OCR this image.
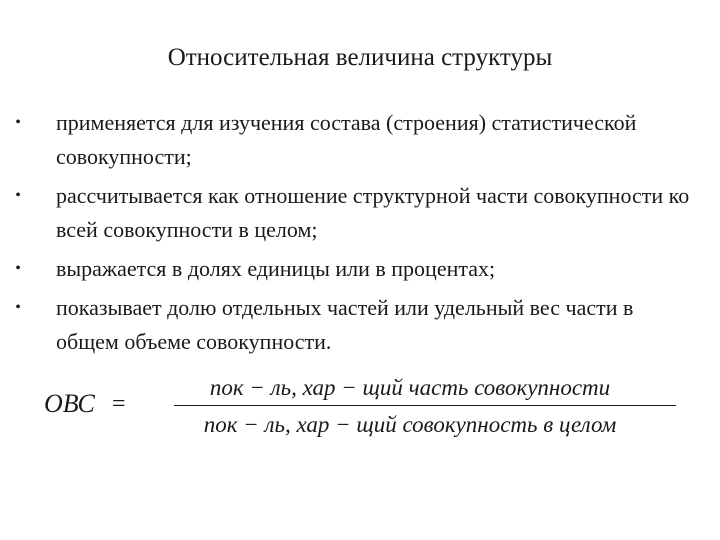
Относительная величина структуры
• применяется для изучения состава (строения) статистической совокупности;
• рассчитывается как отношение структурной части совокупности ко всей совокупности в целом;
• выражается в долях единицы или в процентах;
• показывает долю отдельных частей или удельный вес части в общем объеме совокупности.
ОВС =
пок − ль, хар − щий часть совокупности
пок − ль, хар − щий совокупность в целом
